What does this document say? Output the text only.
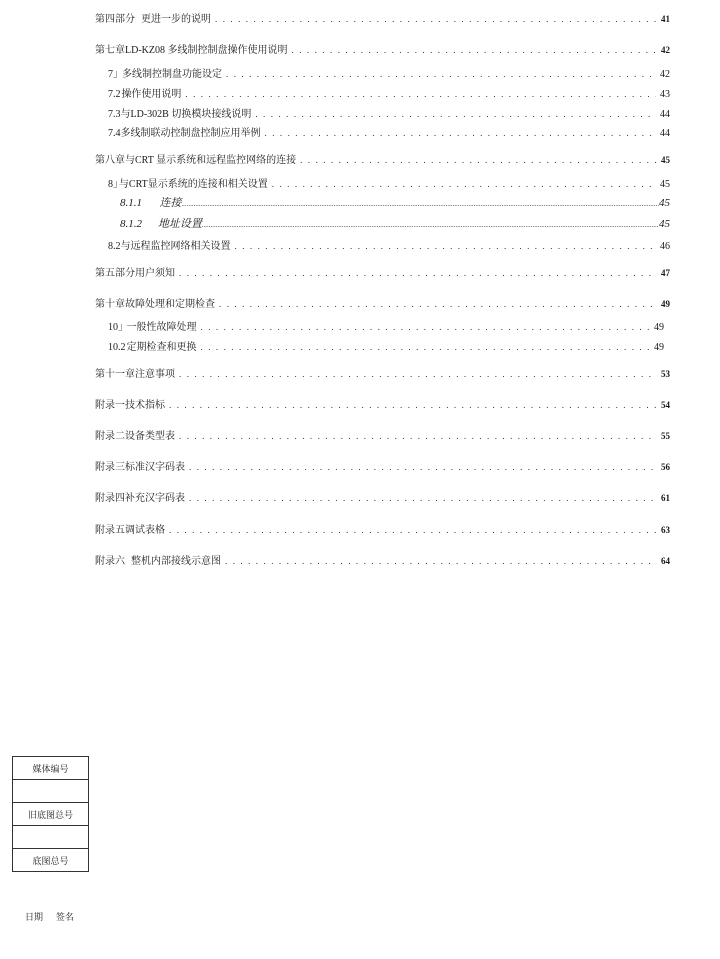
第四部分 更进一步的说明 . . .	41
第七章 LD-KZ08 多线制控制盘操作使用说明 . . .	42
7｣ 多线制控制盘功能设定 . . .	42
7.2 操作使用说明 . . .	43
7.3 与LD-302B 切换模块接线说明 . . .	44
7.4 多线制联动控制盘控制应用举例 . . .	44
第八章与CRT 显示系统和远程监控网络的连接 . . .	45
8｣ 与CRT显示系统的连接和相关设置 . . .	45
8.1.1	连接 .....	45
8.1.2	地址设置 .....	45
8.2与远程监控网络相关设置 . . .	46
第五部分用户须知 . . .	47
第十章故障处理和定期检查 . . .	49
10｣ 一般性故障处理 . . .	49
10.2 定期检查和更换 . . .	49
第十一章注意事项 . . .	53
附录一技术指标 . . .	54
附录二设备类型表 . . .	55
附录三标准汉字码表 . . .	56
附录四补充汉字码表 . . .	61
附录五调试表格 . . .	63
附录六 整机内部接线示意图 . . .	64
媒体编号

旧底图总号

底图总号
日期 签名
